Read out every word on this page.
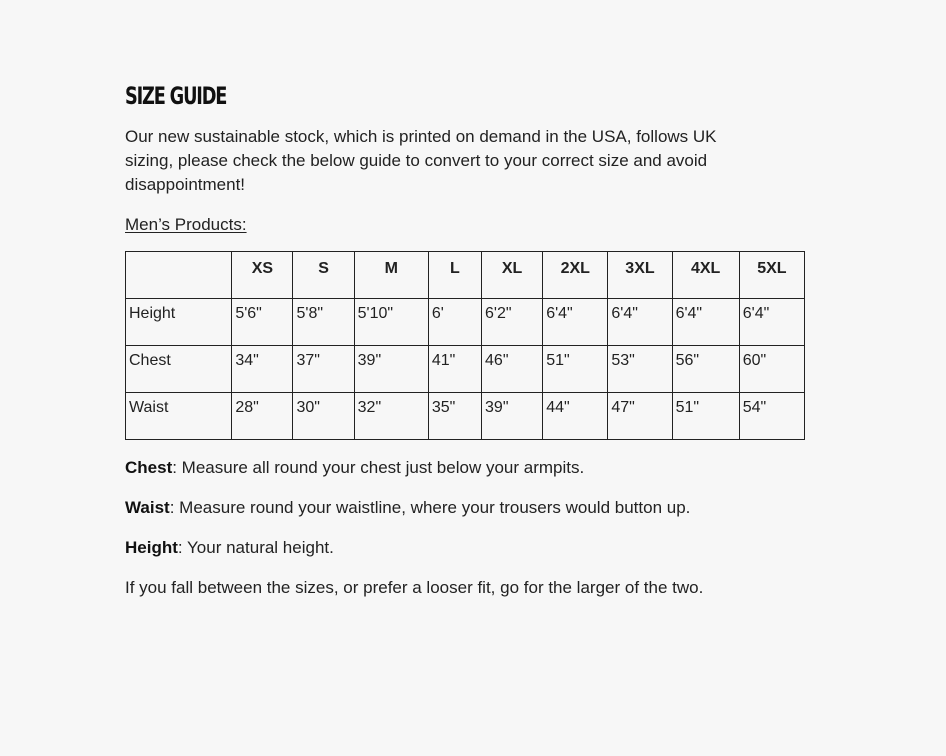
SIZE GUIDE

Our new sustainable stock, which is printed on demand in the USA, follows UK sizing, please check the below guide to convert to your correct size and avoid disappointment!

Men’s Products:
	XS	S	M	L	XL	2XL	3XL	4XL	5XL
Height	5'6"	5'8"	5'10"	6'	6'2"	6'4"	6'4"	6'4"	6'4"
Chest	34"	37"	39"	41"	46"	51"	53"	56"	60"
Waist	28"	30"	32"	35"	39"	44"	47"	51"	54"

Chest: Measure all round your chest just below your armpits.

Waist: Measure round your waistline, where your trousers would button up.

Height: Your natural height.

If you fall between the sizes, or prefer a looser fit, go for the larger of the two.
